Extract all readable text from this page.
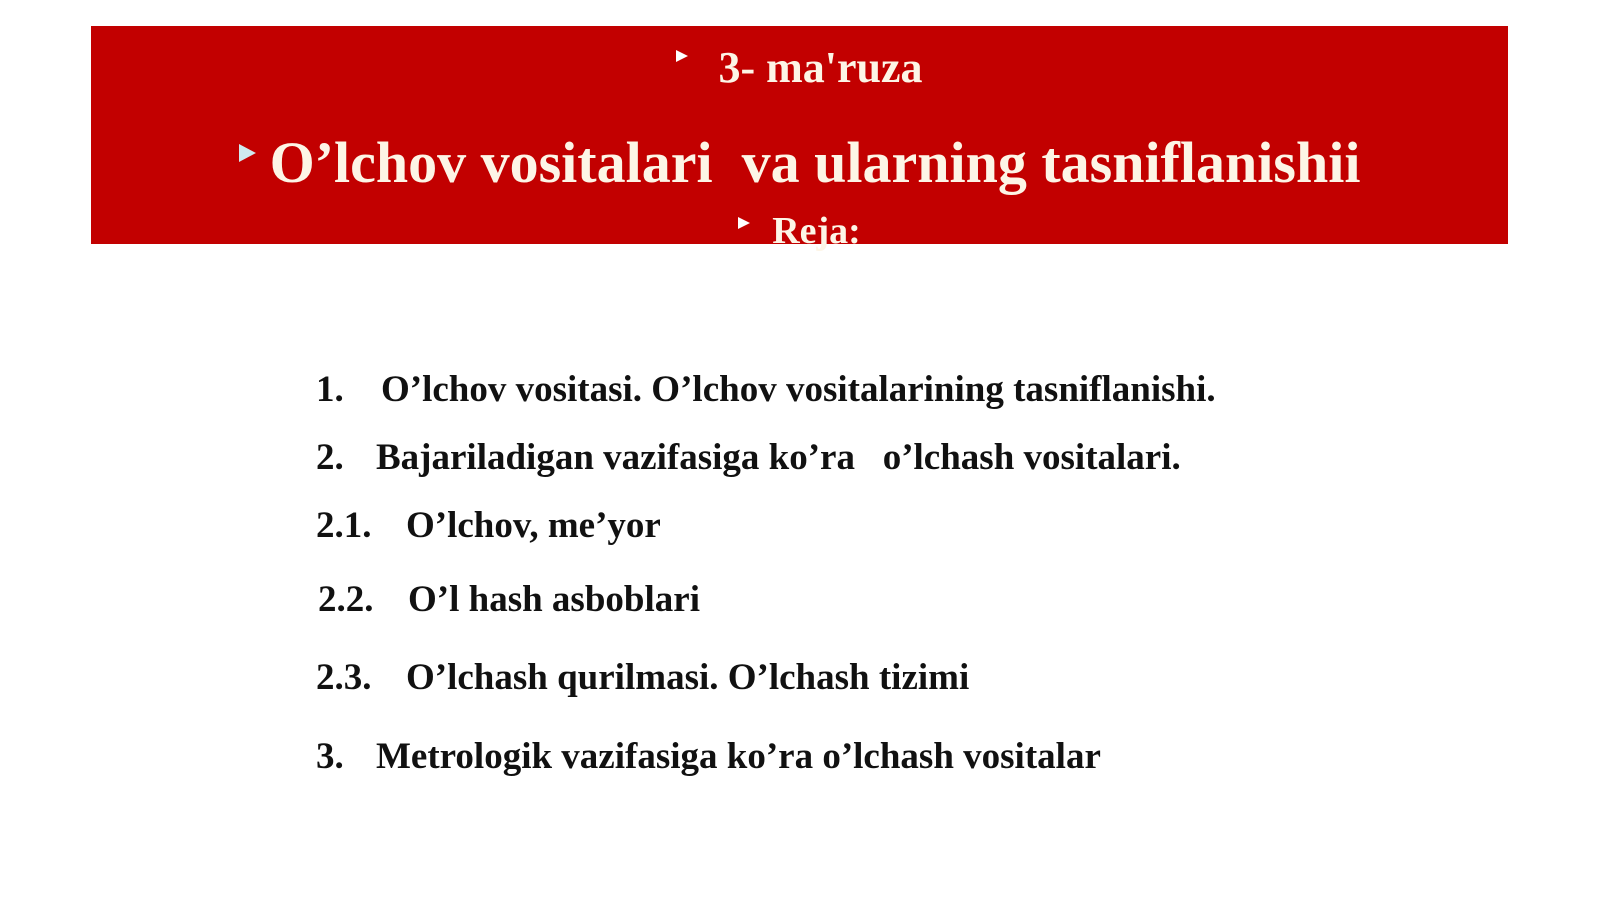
3- ma'ruza
O’lchov vositalari  va ularning tasniflanishii
Reja:
1. O’lchov vositasi. O’lchov vositalarining tasniflanishi.
2. Bajariladigan vazifasiga ko’ra   o’lchash vositalari.
2.1. O’lchov, me’yor
2.2. O’l hash asboblari
2.3. O’lchash qurilmasi. O’lchash tizimi
3. Metrologik vazifasiga ko’ra o’lchash vositalar
